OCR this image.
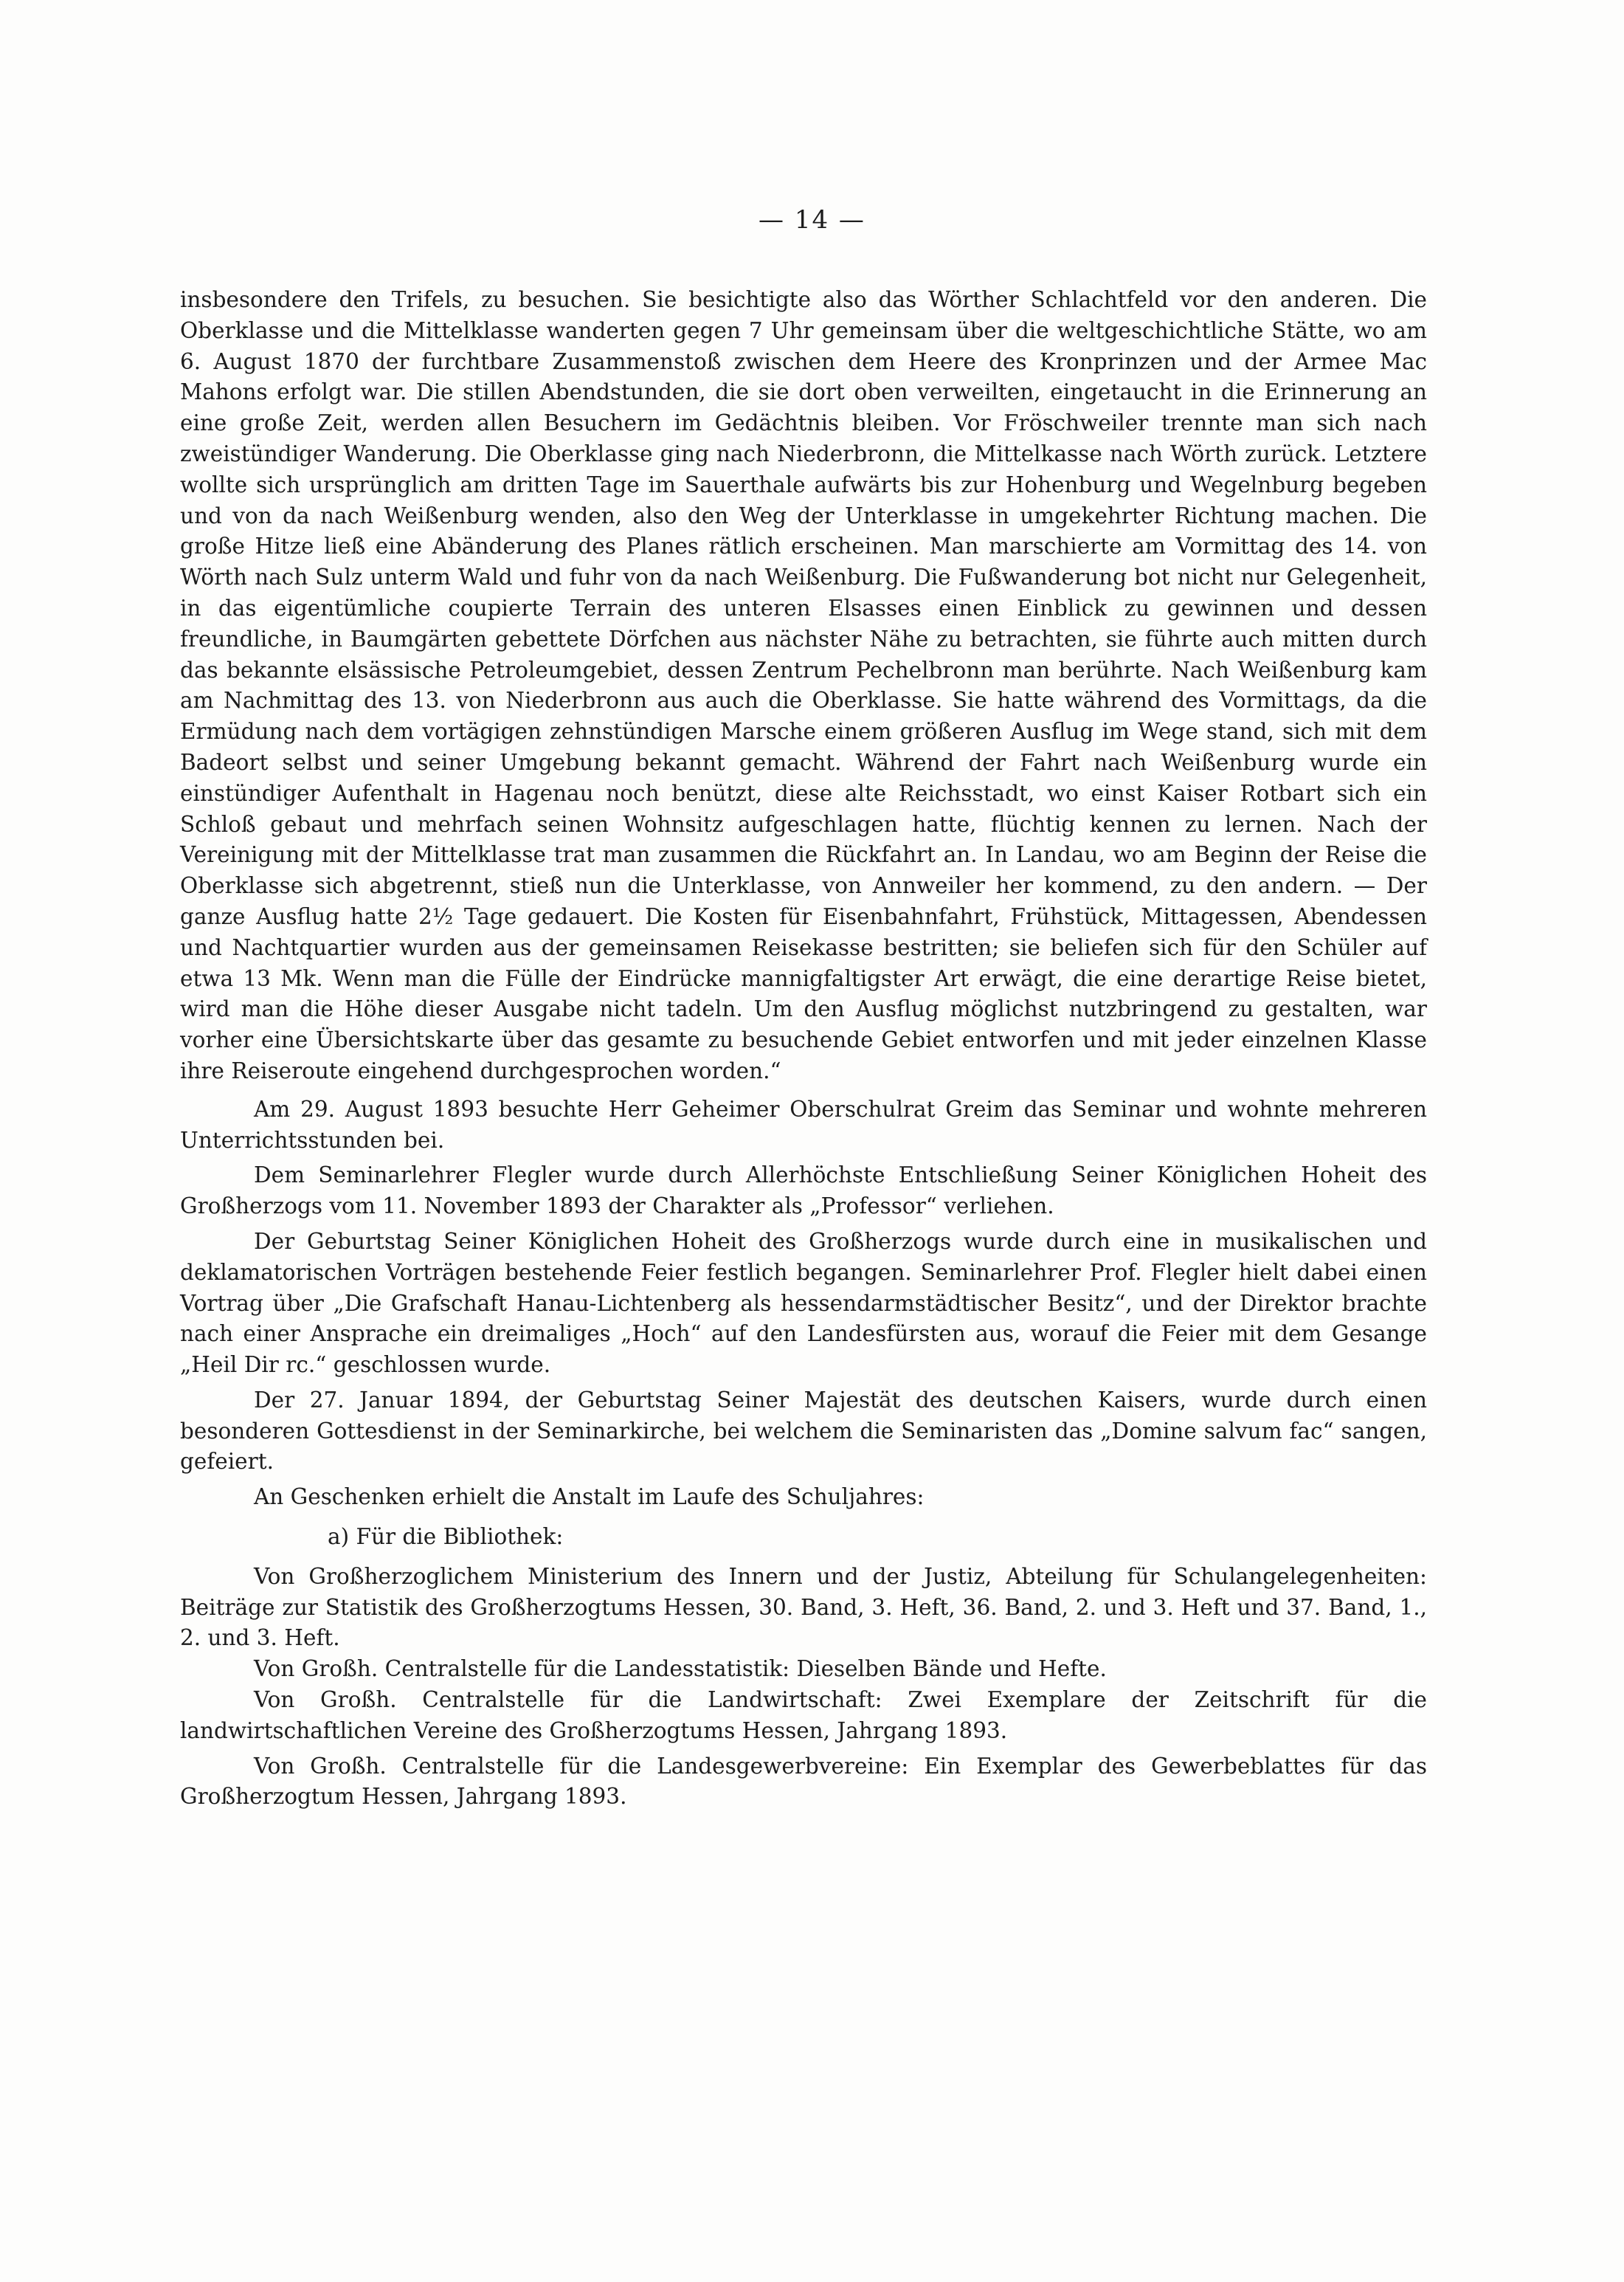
— 14 —

insbesondere den Trifels, zu besuchen. Sie besichtigte also das Wörther Schlachtfeld vor den anderen. Die Oberklasse und die Mittelklasse wanderten gegen 7 Uhr gemeinsam über die weltgeschichtliche Stätte, wo am 6. August 1870 der furchtbare Zusammenstoß zwischen dem Heere des Kronprinzen und der Armee Mac Mahons erfolgt war. Die stillen Abendstunden, die sie dort oben verweilten, eingetaucht in die Erinnerung an eine große Zeit, werden allen Besuchern im Gedächtnis bleiben. Vor Fröschweiler trennte man sich nach zweistündiger Wanderung. Die Oberklasse ging nach Niederbronn, die Mittelkasse nach Wörth zurück. Letztere wollte sich ursprünglich am dritten Tage im Sauerthale aufwärts bis zur Hohenburg und Wegelnburg begeben und von da nach Weißenburg wenden, also den Weg der Unterklasse in umgekehrter Richtung machen. Die große Hitze ließ eine Abänderung des Planes rätlich erscheinen. Man marschierte am Vormittag des 14. von Wörth nach Sulz unterm Wald und fuhr von da nach Weißenburg. Die Fußwanderung bot nicht nur Gelegenheit, in das eigentümliche coupierte Terrain des unteren Elsasses einen Einblick zu gewinnen und dessen freundliche, in Baumgärten gebettete Dörfchen aus nächster Nähe zu betrachten, sie führte auch mitten durch das bekannte elsässische Petroleumgebiet, dessen Zentrum Pechelbronn man berührte. Nach Weißenburg kam am Nachmittag des 13. von Niederbronn aus auch die Oberklasse. Sie hatte während des Vormittags, da die Ermüdung nach dem vortägigen zehnstündigen Marsche einem größeren Ausflug im Wege stand, sich mit dem Badeort selbst und seiner Umgebung bekannt gemacht. Während der Fahrt nach Weißenburg wurde ein einstündiger Aufenthalt in Hagenau noch benützt, diese alte Reichsstadt, wo einst Kaiser Rotbart sich ein Schloß gebaut und mehrfach seinen Wohnsitz aufgeschlagen hatte, flüchtig kennen zu lernen. Nach der Vereinigung mit der Mittelklasse trat man zusammen die Rückfahrt an. In Landau, wo am Beginn der Reise die Oberklasse sich abgetrennt, stieß nun die Unterklasse, von Annweiler her kommend, zu den andern. — Der ganze Ausflug hatte 2½ Tage gedauert. Die Kosten für Eisenbahnfahrt, Frühstück, Mittagessen, Abendessen und Nachtquartier wurden aus der gemeinsamen Reisekasse bestritten; sie beliefen sich für den Schüler auf etwa 13 Mk. Wenn man die Fülle der Eindrücke mannigfaltigster Art erwägt, die eine derartige Reise bietet, wird man die Höhe dieser Ausgabe nicht tadeln. Um den Ausflug möglichst nutzbringend zu gestalten, war vorher eine Übersichtskarte über das gesamte zu besuchende Gebiet entworfen und mit jeder einzelnen Klasse ihre Reiseroute eingehend durchgesprochen worden.“

Am 29. August 1893 besuchte Herr Geheimer Oberschulrat Greim das Seminar und wohnte mehreren Unterrichtsstunden bei.

Dem Seminarlehrer Flegler wurde durch Allerhöchste Entschließung Seiner Königlichen Hoheit des Großherzogs vom 11. November 1893 der Charakter als „Professor“ verliehen.

Der Geburtstag Seiner Königlichen Hoheit des Großherzogs wurde durch eine in musikalischen und deklamatorischen Vorträgen bestehende Feier festlich begangen. Seminarlehrer Prof. Flegler hielt dabei einen Vortrag über „Die Grafschaft Hanau-Lichtenberg als hessendarmstädtischer Besitz“, und der Direktor brachte nach einer Ansprache ein dreimaliges „Hoch“ auf den Landesfürsten aus, worauf die Feier mit dem Gesange „Heil Dir rc.“ geschlossen wurde.

Der 27. Januar 1894, der Geburtstag Seiner Majestät des deutschen Kaisers, wurde durch einen besonderen Gottesdienst in der Seminarkirche, bei welchem die Seminaristen das „Domine salvum fac“ sangen, gefeiert.

An Geschenken erhielt die Anstalt im Laufe des Schuljahres:

a) Für die Bibliothek:

Von Großherzoglichem Ministerium des Innern und der Justiz, Abteilung für Schulangelegenheiten: Beiträge zur Statistik des Großherzogtums Hessen, 30. Band, 3. Heft, 36. Band, 2. und 3. Heft und 37. Band, 1., 2. und 3. Heft.

Von Großh. Centralstelle für die Landesstatistik: Dieselben Bände und Hefte.

Von Großh. Centralstelle für die Landwirtschaft: Zwei Exemplare der Zeitschrift für die landwirtschaftlichen Vereine des Großherzogtums Hessen, Jahrgang 1893.

Von Großh. Centralstelle für die Landesgewerbvereine: Ein Exemplar des Gewerbeblattes für das Großherzogtum Hessen, Jahrgang 1893.
